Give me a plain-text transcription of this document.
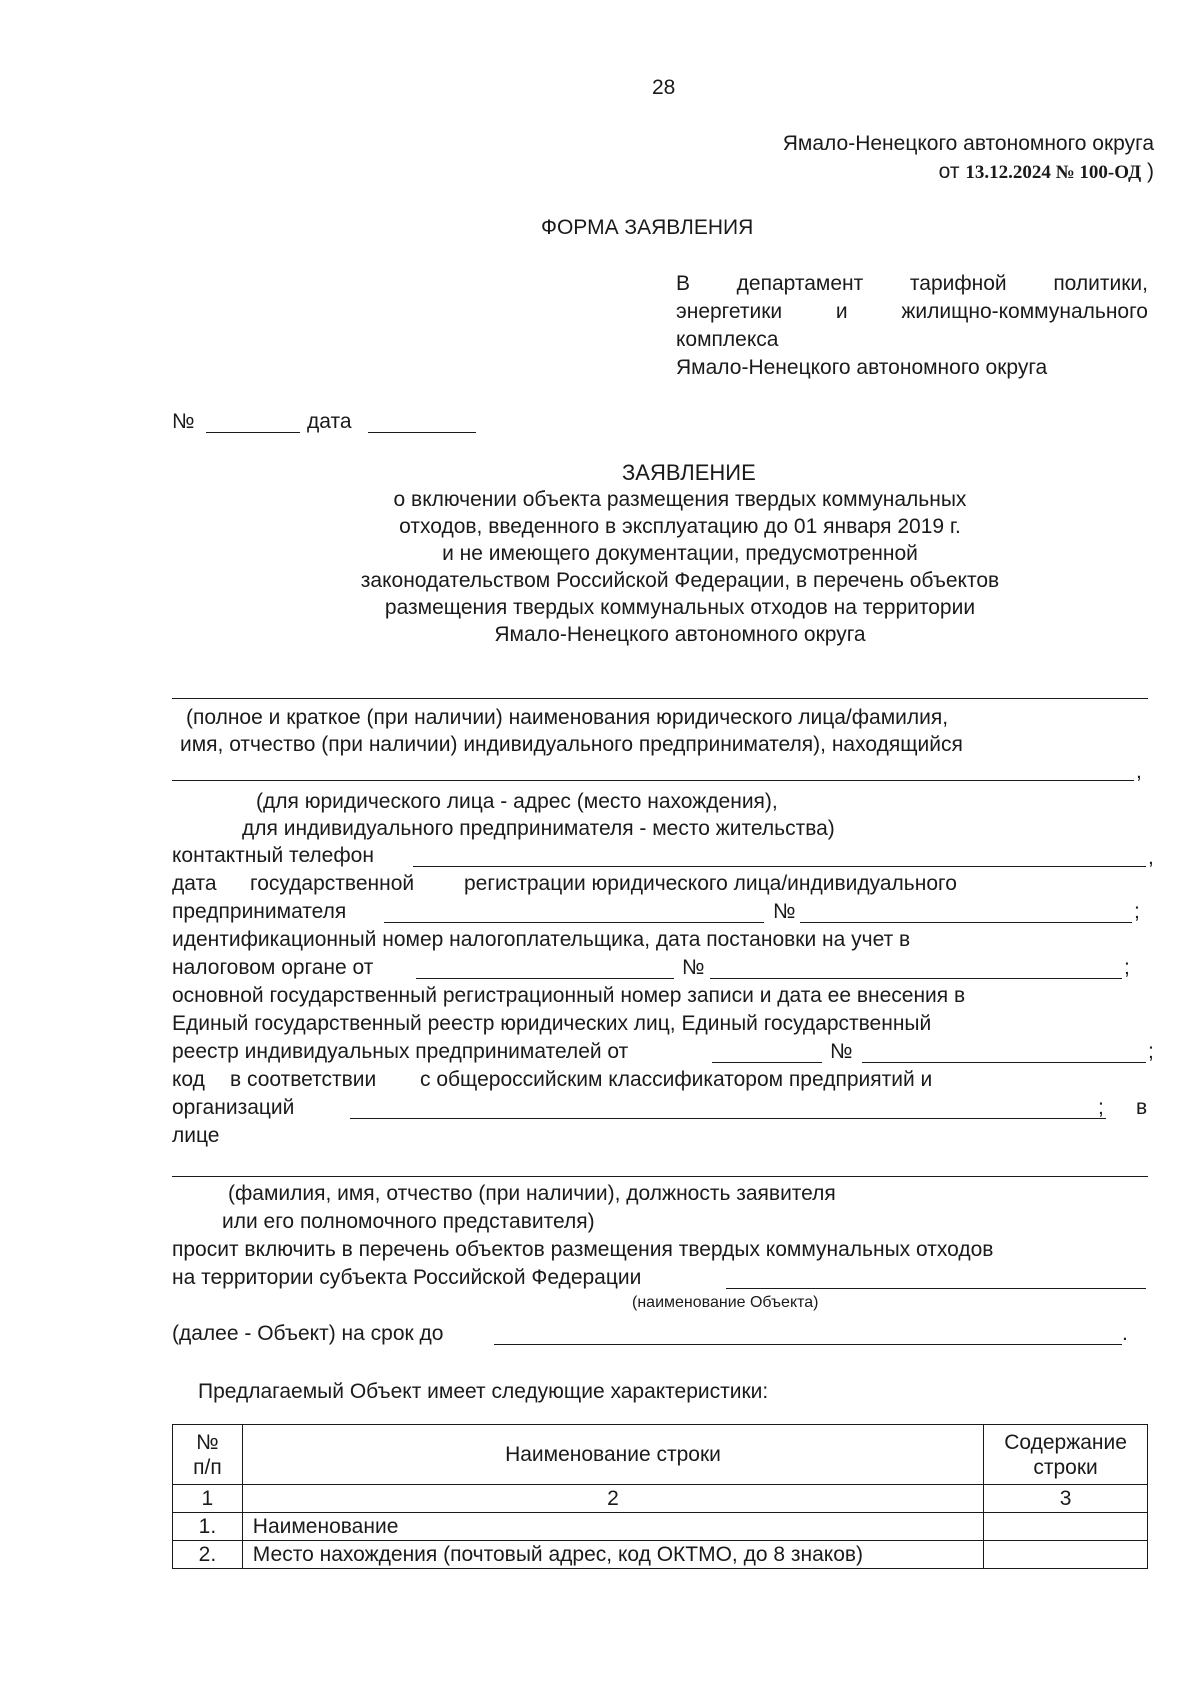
28
Ямало-Ненецкого автономного округа
от 13.12.2024 № 100-ОД )
ФОРМА ЗАЯВЛЕНИЯ
В департамент тарифной политики,
энергетики	и	жилищно-коммунального
комплекса
Ямало-Ненецкого автономного округа
№	дата
ЗАЯВЛЕНИЕ
о включении объекта размещения твердых коммунальных
отходов, введенного в эксплуатацию до 01 января 2019 г.
и не имеющего документации, предусмотренной
законодательством Российской Федерации, в перечень объектов
размещения твердых коммунальных отходов на территории
Ямало-Ненецкого автономного округа
(полное и краткое (при наличии) наименования юридического лица/фамилия,
имя, отчество (при наличии) индивидуального предпринимателя), находящийся
,
(для юридического лица - адрес (место нахождения),
для индивидуального предпринимателя - место жительства)
контактный телефон	,
дата государственной регистрации юридического лица/индивидуального
предпринимателя	№	;
идентификационный номер налогоплательщика, дата постановки на учет в
налоговом органе от	№	;
основной государственный регистрационный номер записи и дата ее внесения в
Единый государственный реестр юридических лиц, Единый государственный
реестр индивидуальных предпринимателей от	№	;
код в соответствии с общероссийским классификатором предприятий и
организаций	; в
лице
(фамилия, имя, отчество (при наличии), должность заявителя
или его полномочного представителя)
просит включить в перечень объектов размещения твердых коммунальных отходов
на территории субъекта Российской Федерации
(наименование Объекта)
(далее - Объект) на срок до	.
Предлагаемый Объект имеет следующие характеристики:
№
п/п	Наименование строки	Содержание
строки
1	2	3
1.	Наименование	
2.	Место нахождения (почтовый адрес, код ОКТМО, до 8 знаков)	
